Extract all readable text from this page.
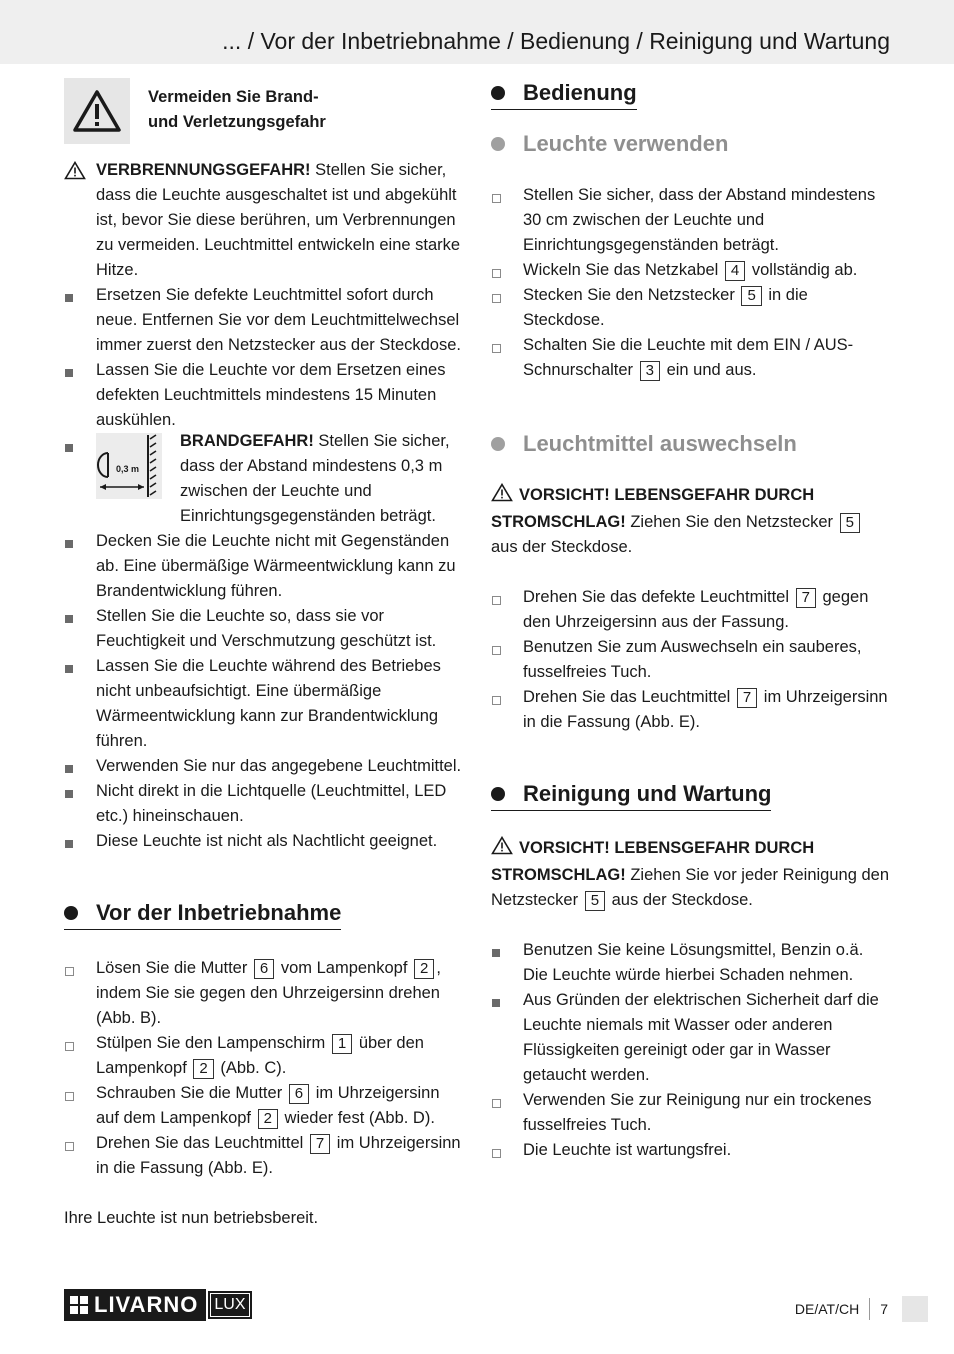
... / Vor der Inbetriebnahme / Bedienung / Reinigung und Wartung
Vermeiden Sie Brand-
und Verletzungsgefahr
VERBRENNUNGSGEFAHR! Stellen Sie sicher, dass die Leuchte ausgeschaltet ist und abgekühlt ist, bevor Sie diese berühren, um Verbrennungen zu vermeiden. Leuchtmittel entwickeln eine starke Hitze.
Ersetzen Sie defekte Leuchtmittel sofort durch neue. Entfernen Sie vor dem Leuchtmittelwechsel immer zuerst den Netzstecker aus der Steckdose.
Lassen Sie die Leuchte vor dem Ersetzen eines defekten Leuchtmittels mindestens 15 Minuten auskühlen.
0,3 m
BRANDGEFAHR! Stellen Sie sicher, dass der Abstand mindestens 0,3 m zwischen der Leuchte und Einrichtungsgegenständen beträgt.
Decken Sie die Leuchte nicht mit Gegenständen ab. Eine übermäßige Wärmeentwicklung kann zu Brandentwicklung führen.
Stellen Sie die Leuchte so, dass sie vor Feuchtigkeit und Verschmutzung geschützt ist.
Lassen Sie die Leuchte während des Betriebes nicht unbeaufsichtigt. Eine übermäßige Wärmeentwicklung kann zur Brandentwicklung führen.
Verwenden Sie nur das angegebene Leuchtmittel.
Nicht direkt in die Lichtquelle (Leuchtmittel, LED etc.) hineinschauen.
Diese Leuchte ist nicht als Nachtlicht geeignet.
Vor der Inbetriebnahme
Lösen Sie die Mutter 6 vom Lampenkopf 2 , indem Sie sie gegen den Uhrzeigersinn drehen (Abb. B).
Stülpen Sie den Lampenschirm 1 über den Lampenkopf 2 (Abb. C).
Schrauben Sie die Mutter 6 im Uhrzeigersinn auf dem Lampenkopf 2 wieder fest (Abb. D).
Drehen Sie das Leuchtmittel 7 im Uhrzeigersinn in die Fassung (Abb. E).
Ihre Leuchte ist nun betriebsbereit.
Bedienung
Leuchte verwenden
Stellen Sie sicher, dass der Abstand mindestens 30 cm zwischen der Leuchte und Einrichtungsgegenständen beträgt.
Wickeln Sie das Netzkabel 4 vollständig ab.
Stecken Sie den Netzstecker 5 in die Steckdose.
Schalten Sie die Leuchte mit dem EIN / AUS-Schnurschalter 3 ein und aus.
Leuchtmittel auswechseln
VORSICHT! LEBENSGEFAHR DURCH STROMSCHLAG! Ziehen Sie den Netzstecker 5 aus der Steckdose.
Drehen Sie das defekte Leuchtmittel 7 gegen den Uhrzeigersinn aus der Fassung.
Benutzen Sie zum Auswechseln ein sauberes, fusselfreies Tuch.
Drehen Sie das Leuchtmittel 7 im Uhrzeigersinn in die Fassung (Abb. E).
Reinigung und Wartung
VORSICHT! LEBENSGEFAHR DURCH STROMSCHLAG! Ziehen Sie vor jeder Reinigung den Netzstecker 5 aus der Steckdose.
Benutzen Sie keine Lösungsmittel, Benzin o.ä. Die Leuchte würde hierbei Schaden nehmen.
Aus Gründen der elektrischen Sicherheit darf die Leuchte niemals mit Wasser oder anderen Flüssigkeiten gereinigt oder gar in Wasser getaucht werden.
Verwenden Sie zur Reinigung nur ein trockenes fusselfreies Tuch.
Die Leuchte ist wartungsfrei.
LIVARNO	LUX	DE/AT/CH 7
